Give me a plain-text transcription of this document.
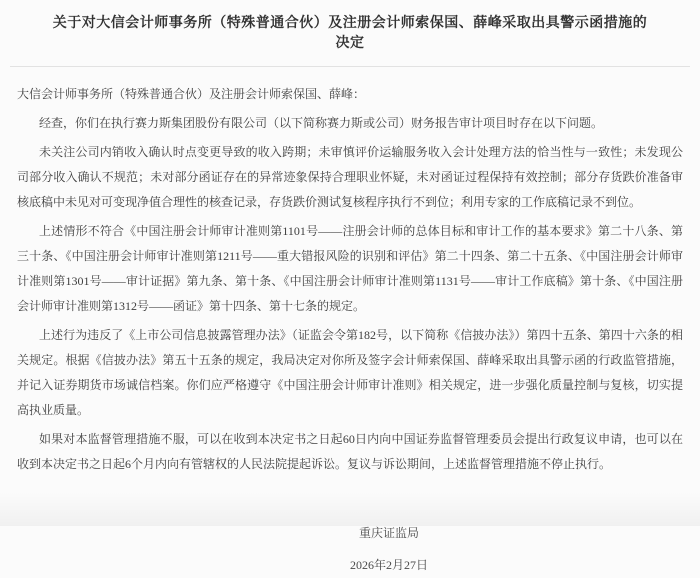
关于对大信会计师事务所（特殊普通合伙）及注册会计师索保国、薛峰采取出具警示函措施的决定

大信会计师事务所（特殊普通合伙）及注册会计师索保国、薛峰：

经查，你们在执行赛力斯集团股份有限公司（以下简称赛力斯或公司）财务报告审计项目时存在以下问题。

未关注公司内销收入确认时点变更导致的收入跨期；未审慎评价运输服务收入会计处理方法的恰当性与一致性；未发现公司部分收入确认不规范；未对部分函证存在的异常迹象保持合理职业怀疑，未对函证过程保持有效控制；部分存货跌价准备审核底稿中未见对可变现净值合理性的核查记录，存货跌价测试复核程序执行不到位；利用专家的工作底稿记录不到位。

上述情形不符合《中国注册会计师审计准则第1101号——注册会计师的总体目标和审计工作的基本要求》第二十八条、第三十条、《中国注册会计师审计准则第1211号——重大错报风险的识别和评估》第二十四条、第二十五条、《中国注册会计师审计准则第1301号——审计证据》第九条、第十条、《中国注册会计师审计准则第1131号——审计工作底稿》第十条、《中国注册会计师审计准则第1312号——函证》第十四条、第十七条的规定。

上述行为违反了《上市公司信息披露管理办法》（证监会令第182号，以下简称《信披办法》）第四十五条、第四十六条的相关规定。根据《信披办法》第五十五条的规定，我局决定对你所及签字会计师索保国、薛峰采取出具警示函的行政监管措施，并记入证券期货市场诚信档案。你们应严格遵守《中国注册会计师审计准则》相关规定，进一步强化质量控制与复核，切实提高执业质量。

如果对本监督管理措施不服，可以在收到本决定书之日起60日内向中国证券监督管理委员会提出行政复议申请，也可以在收到本决定书之日起6个月内向有管辖权的人民法院提起诉讼。复议与诉讼期间，上述监督管理措施不停止执行。

重庆证监局
2026年2月27日
